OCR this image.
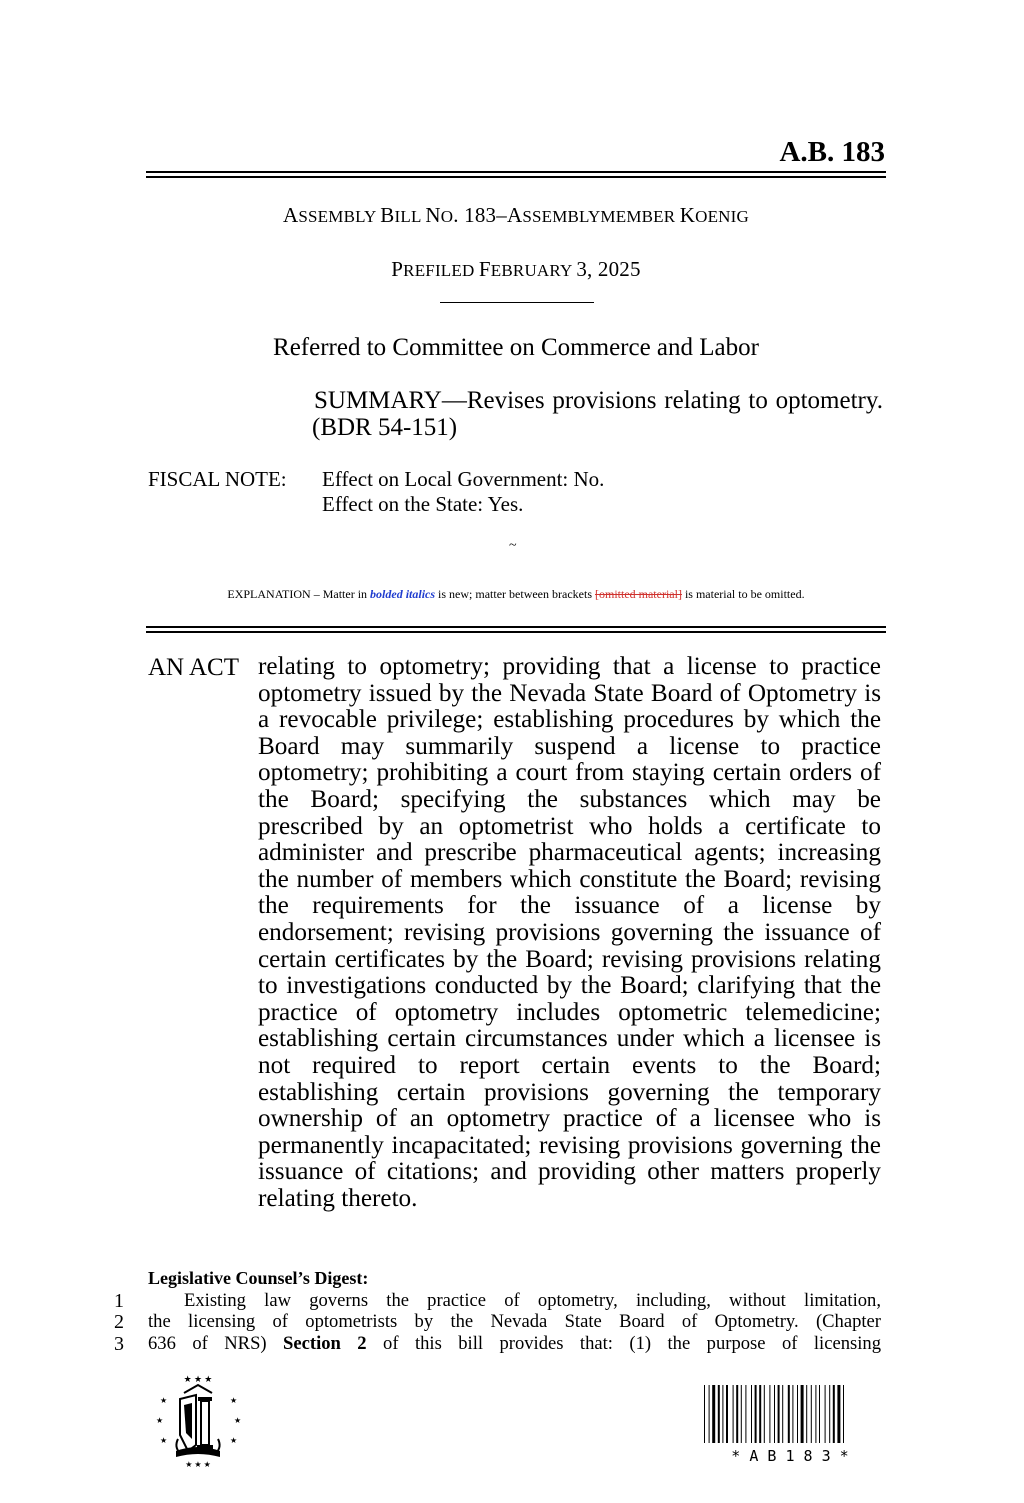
A.B. 183
ASSEMBLY BILL NO. 183–ASSEMBLYMEMBER KOENIG
PREFILED FEBRUARY 3, 2025
Referred to Committee on Commerce and Labor
SUMMARY—Revises provisions relating to optometry.
(BDR 54-151)
FISCAL NOTE: Effect on Local Government: No.
Effect on the State: Yes.
~
EXPLANATION – Matter in bolded italics is new; matter between brackets [omitted material] is material to be omitted.
AN ACT relating to optometry; providing that a license to practice optometry issued by the Nevada State Board of Optometry is a revocable privilege; establishing procedures by which the Board may summarily suspend a license to practice optometry; prohibiting a court from staying certain orders of the Board; specifying the substances which may be prescribed by an optometrist who holds a certificate to administer and prescribe pharmaceutical agents; increasing the number of members which constitute the Board; revising the requirements for the issuance of a license by endorsement; revising provisions governing the issuance of certain certificates by the Board; revising provisions relating to investigations conducted by the Board; clarifying that the practice of optometry includes optometric telemedicine; establishing certain circumstances under which a licensee is not required to report certain events to the Board; establishing certain provisions governing the temporary ownership of an optometry practice of a licensee who is permanently incapacitated; revising provisions governing the issuance of citations; and providing other matters properly relating thereto.
Legislative Counsel’s Digest:
1	Existing law governs the practice of optometry, including, without limitation,
2 the licensing of optometrists by the Nevada State Board of Optometry. (Chapter
3 636 of NRS) Section 2 of this bill provides that: (1) the purpose of licensing
★ ★ ★
★
★
★
★
★
★
★ ★ ★	* A B 1 8 3 *
